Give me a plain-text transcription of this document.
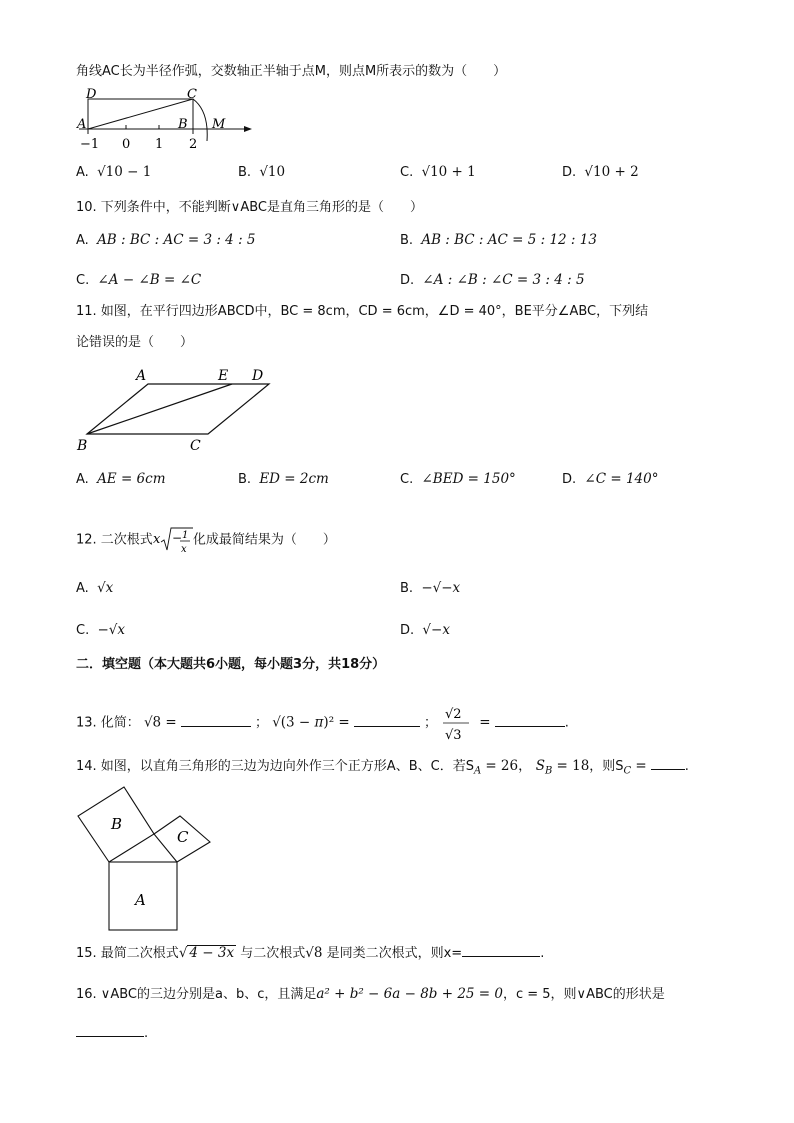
角线AC长为半径作弧，交数轴正半轴于点M，则点M所表示的数为（　　）
D	C
A	B M
−1 0 1 2
A. √10 − 1	B. √10	C. √10 + 1	D. √10 + 2
10. 下列条件中，不能判断∨ABC是直角三角形的是（　　）
A. AB : BC : AC = 3 : 4 : 5	B. AB : BC : AC = 5 : 12 : 13
C. ∠A − ∠B = ∠C	D. ∠A : ∠B : ∠C = 3 : 4 : 5
11. 如图，在平行四边形ABCD中，BC = 8cm，CD = 6cm，∠D = 40°，BE平分∠ABC，下列结
论错误的是（　　）
A	E D
B	C
A. AE = 6cm	B. ED = 2cm	C. ∠BED = 150°	D. ∠C = 140°
12. 二次根式 x − 1
x
化成最简结果为（　　）
A. √x	B. −√−x
C. −√x	D. √−x
二．填空题（本大题共6小题，每小题3分，共18分）
13. 化简： √8 =	； √(3 − π)² =	；
√2
√3
=	.
14. 如图，以直角三角形的三边为边向外作三个正方形A、B、C．若$S_A = 26$， $S_B = 18$，则$S_C$ =	.
B
C
A
15. 最简二次根式√ 4 − 3x 与二次根式√8 是同类二次根式，则x=	.
16. ∨ABC的三边分别是a、b、c，且满足a² + b² − 6a − 8b + 25 = 0，c = 5，则∨ABC的形状是
.
